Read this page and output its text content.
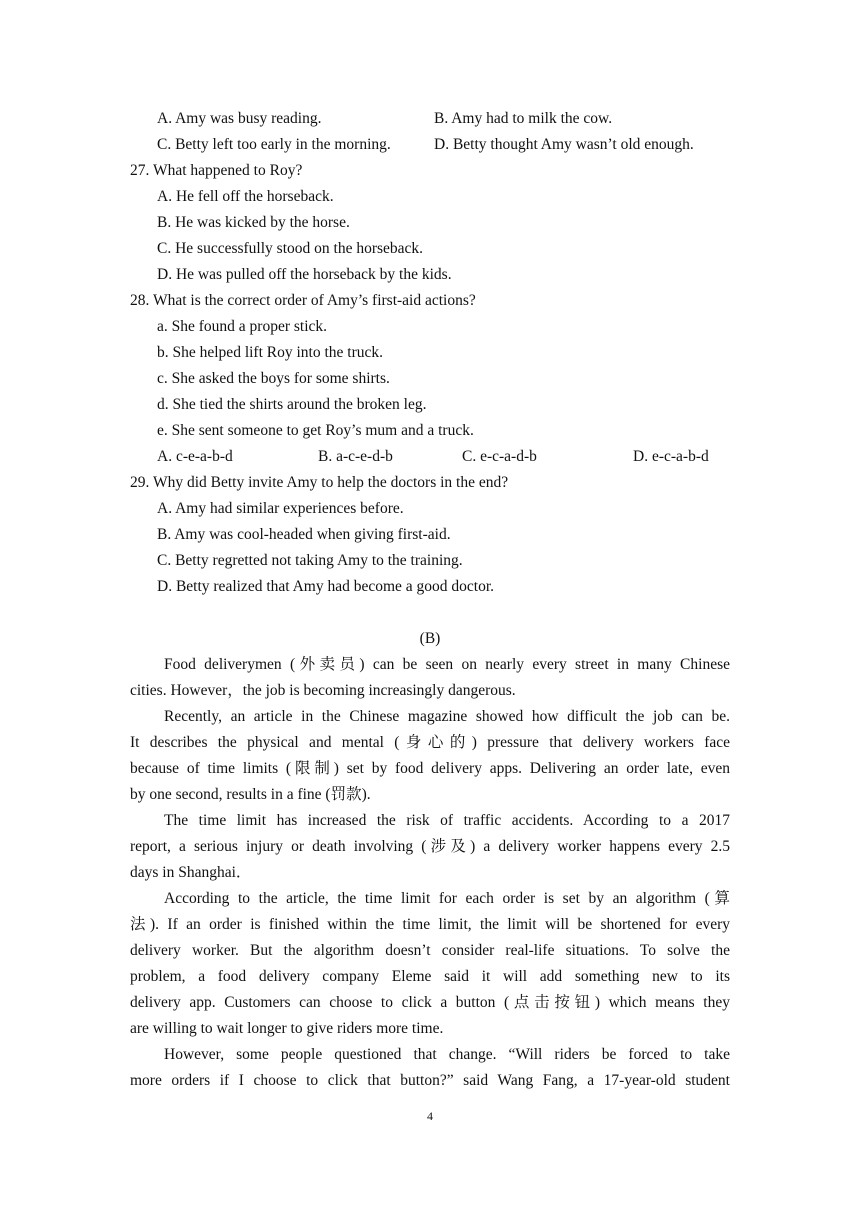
A. Amy was busy reading.	B. Amy had to milk the cow.
C. Betty left too early in the morning.	D. Betty thought Amy wasn’t old enough.
27. What happened to Roy?
A. He fell off the horseback.
B. He was kicked by the horse.
C. He successfully stood on the horseback.
D. He was pulled off the horseback by the kids.
28. What is the correct order of Amy’s first-aid actions?
a. She found a proper stick.
b. She helped lift Roy into the truck.
c. She asked the boys for some shirts.
d. She tied the shirts around the broken leg.
e. She sent someone to get Roy’s mum and a truck.
A. c-e-a-b-d	B. a-c-e-d-b	C. e-c-a-d-b	D. e-c-a-b-d
29. Why did Betty invite Amy to help the doctors in the end?
A. Amy had similar experiences before.
B. Amy was cool-headed when giving first-aid.
C. Betty regretted not taking Amy to the training.
D. Betty realized that Amy had become a good doctor.
(B)
Food deliverymen (外卖员) can be seen on nearly every street in many Chinese
cities. However，the job is becoming increasingly dangerous.
Recently, an article in the Chinese magazine showed how difficult the job can be.
It describes the physical and mental (身心的) pressure that delivery workers face
because of time limits (限制) set by food delivery apps. Delivering an order late, even
by one second, results in a fine (罚款).
The time limit has increased the risk of traffic accidents. According to a 2017
report, a serious injury or death involving (涉及) a delivery worker happens every 2.5
days in Shanghai．
According to the article, the time limit for each order is set by an algorithm (算
法). If an order is finished within the time limit, the limit will be shortened for every
delivery worker. But the algorithm doesn’t consider real-life situations. To solve the
problem, a food delivery company Eleme said it will add something new to its
delivery app. Customers can choose to click a button (点击按钮) which means they
are willing to wait longer to give riders more time.
However, some people questioned that change. “Will riders be forced to take
more orders if I choose to click that button?” said Wang Fang, a 17-year-old student
4
